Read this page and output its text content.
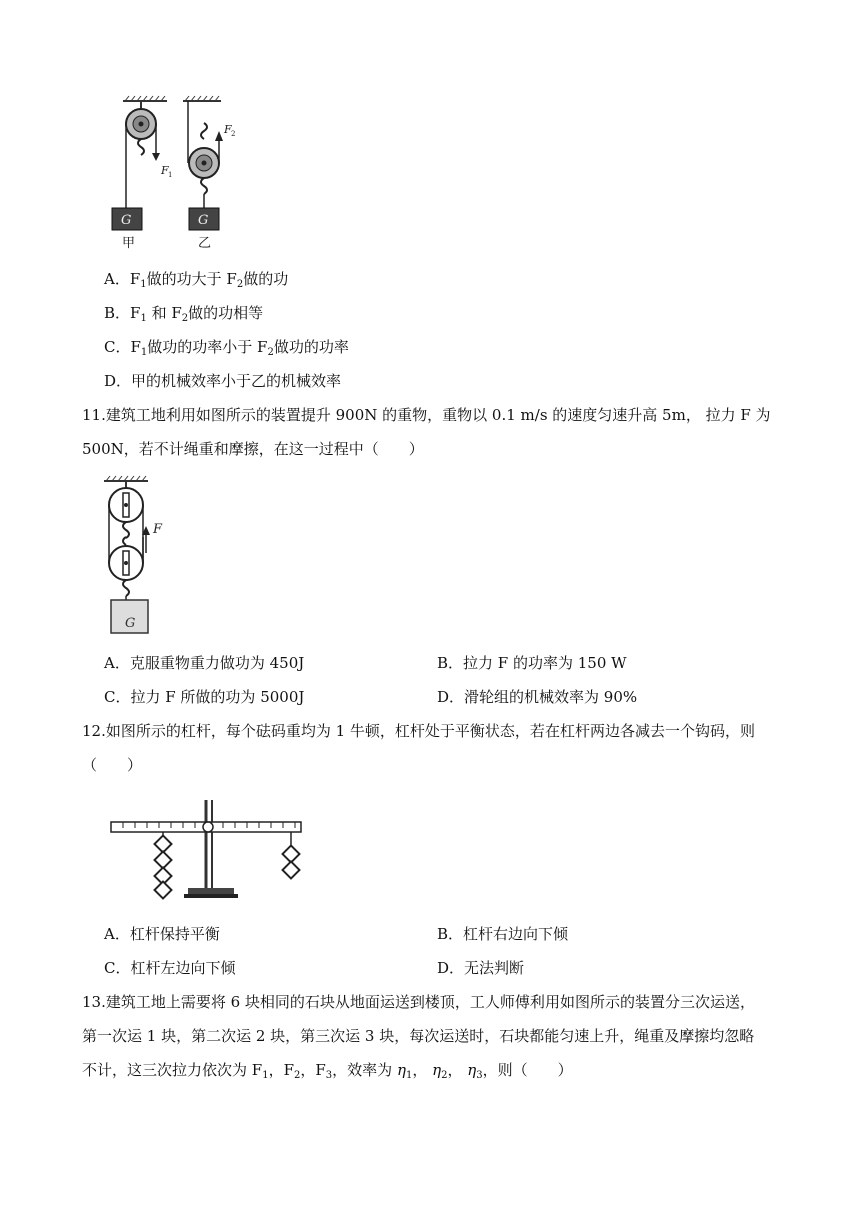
F 1
G
甲
F 2
G
乙
A．$F_1$做的功大于 $F_2$做的功
B．$F_1$ 和 $F_2$做的功相等
C．$F_1$做功的功率小于 $F_2$做功的功率
D．甲的机械效率小于乙的机械效率
11.建筑工地利用如图所示的装置提升 900N 的重物，重物以 0.1 m/s 的速度匀速升高 5m， 拉力 F 为
500N，若不计绳重和摩擦，在这一过程中（　　）
F
G
A．克服重物重力做功为 450J	B．拉力 F 的功率为 150 W
C．拉力 F 所做的功为 5000J	D．滑轮组的机械效率为 90%
12.如图所示的杠杆，每个砝码重均为 1 牛顿，杠杆处于平衡状态，若在杠杆两边各减去一个钩码，则
（　　）
A．杠杆保持平衡	B．杠杆右边向下倾
C．杠杆左边向下倾	D．无法判断
13.建筑工地上需要将 6 块相同的石块从地面运送到楼顶，工人师傅利用如图所示的装置分三次运送，
第一次运 1 块，第二次运 2 块，第三次运 3 块，每次运送时，石块都能匀速上升，绳重及摩擦均忽略
不计，这三次拉力依次为 $F_1$，$F_2$，$F_3$，效率为 $\eta_1$， $\eta_2$， $\eta_3$，则（　　）
